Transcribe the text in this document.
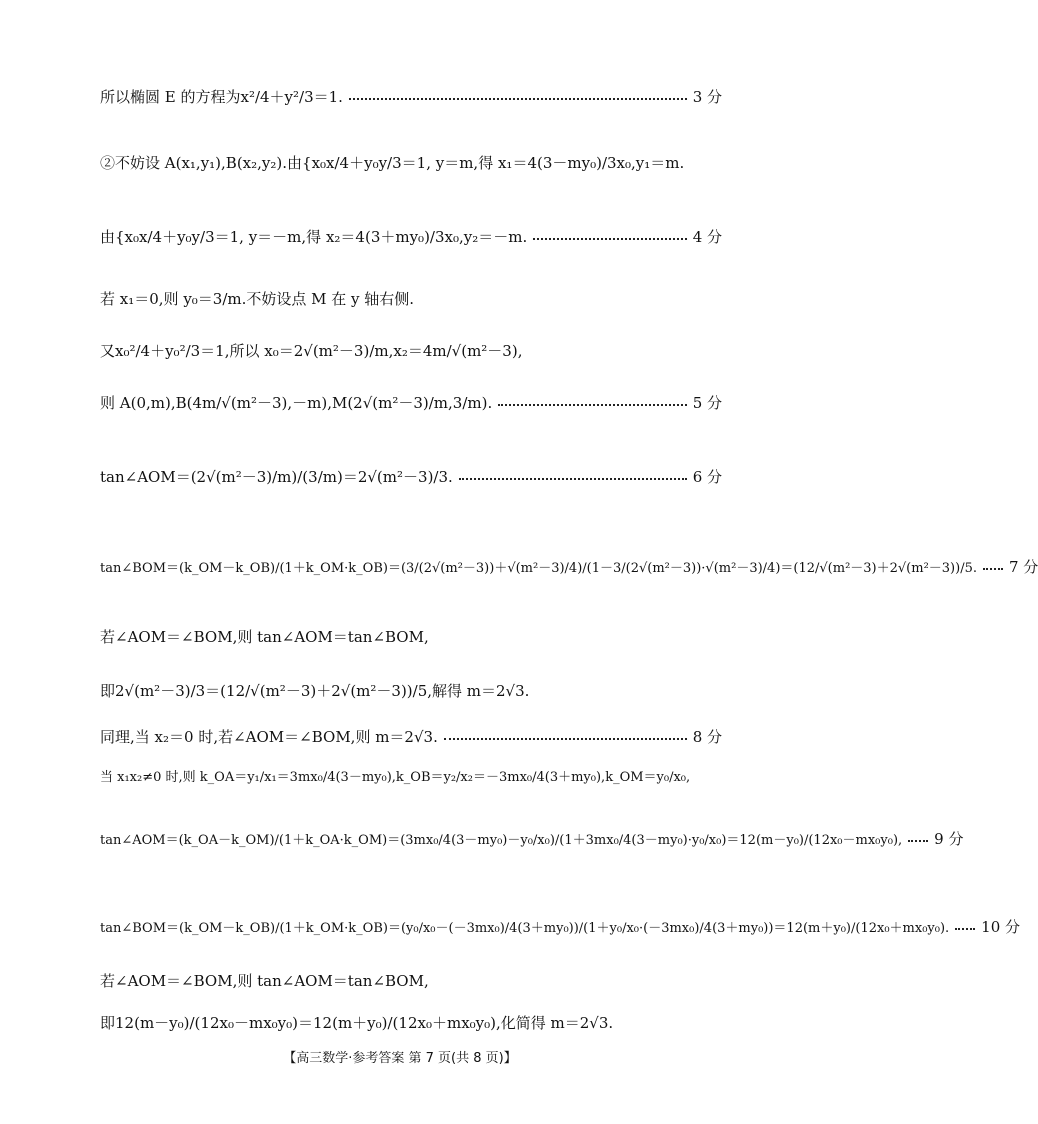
所以椭圆 E 的方程为x²/4＋y²/3＝1.	3 分
②不妨设 A(x₁,y₁),B(x₂,y₂).由{x₀x/4＋y₀y/3＝1, y＝m,得 x₁＝4(3－my₀)/3x₀,y₁＝m.
由{x₀x/4＋y₀y/3＝1, y＝－m,得 x₂＝4(3＋my₀)/3x₀,y₂＝－m.	4 分
若 x₁＝0,则 y₀＝3/m.不妨设点 M 在 y 轴右侧.
又x₀²/4＋y₀²/3＝1,所以 x₀＝2√(m²－3)/m,x₂＝4m/√(m²－3),
则 A(0,m),B(4m/√(m²－3),－m),M(2√(m²－3)/m,3/m).	5 分
tan∠AOM＝(2√(m²－3)/m)/(3/m)＝2√(m²－3)/3.	6 分
tan∠BOM＝(k_OM－k_OB)/(1＋k_OM·k_OB)＝(3/(2√(m²－3))＋√(m²－3)/4)/(1－3/(2√(m²－3))·√(m²－3)/4)＝(12/√(m²－3)＋2√(m²－3))/5. 7 分
若∠AOM＝∠BOM,则 tan∠AOM＝tan∠BOM,
即2√(m²－3)/3＝(12/√(m²－3)＋2√(m²－3))/5,解得 m＝2√3.
同理,当 x₂＝0 时,若∠AOM＝∠BOM,则 m＝2√3.	8 分
当 x₁x₂≠0 时,则 k_OA＝y₁/x₁＝3mx₀/4(3－my₀),k_OB＝y₂/x₂＝－3mx₀/4(3＋my₀),k_OM＝y₀/x₀,
tan∠AOM＝(k_OA－k_OM)/(1＋k_OA·k_OM)＝(3mx₀/4(3－my₀)－y₀/x₀)/(1＋3mx₀/4(3－my₀)·y₀/x₀)＝12(m－y₀)/(12x₀－mx₀y₀), 9 分
tan∠BOM＝(k_OM－k_OB)/(1＋k_OM·k_OB)＝(y₀/x₀－(－3mx₀)/4(3＋my₀))/(1＋y₀/x₀·(－3mx₀)/4(3＋my₀))＝12(m＋y₀)/(12x₀＋mx₀y₀). 10 分
若∠AOM＝∠BOM,则 tan∠AOM＝tan∠BOM,
即12(m－y₀)/(12x₀－mx₀y₀)＝12(m＋y₀)/(12x₀＋mx₀y₀),化简得 m＝2√3.
【高三数学·参考答案 第 7 页(共 8 页)】
